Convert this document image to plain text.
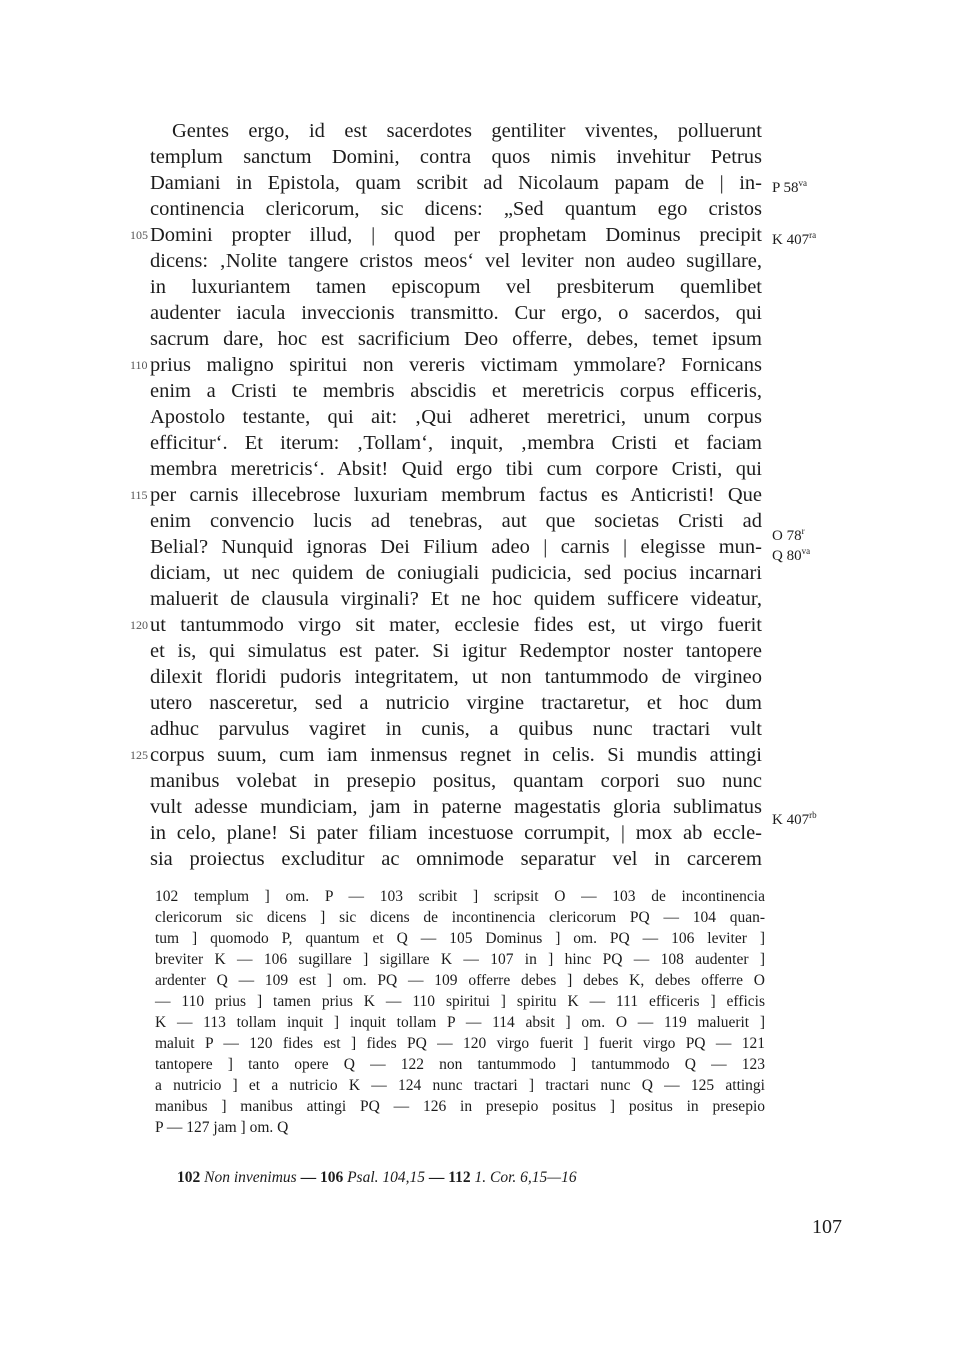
Gentes ergo, id est sacerdotes gentiliter viventes, polluerunt
templum sanctum Domini, contra quos nimis invehitur Petrus
Damiani in Epistola, quam scribit ad Nicolaum papam de | in-
continencia clericorum, sic dicens: „Sed quantum ego cristos
Domini propter illud, | quod per prophetam Dominus precipit
dicens: ‚Nolite tangere cristos meos‘ vel leviter non audeo sugillare,
in luxuriantem tamen episcopum vel presbiterum quemlibet
audenter iacula inveccionis transmitto. Cur ergo, o sacerdos, qui
sacrum dare, hoc est sacrificium Deo offerre, debes, temet ipsum
prius maligno spiritui non vereris victimam ymmolare? Fornicans
enim a Cristi te membris abscidis et meretricis corpus efficeris,
Apostolo testante, qui ait: ‚Qui adheret meretrici, unum corpus
efficitur‘. Et iterum: ‚Tollam‘, inquit, ‚membra Cristi et faciam
membra meretricis‘. Absit! Quid ergo tibi cum corpore Cristi, qui
per carnis illecebrose luxuriam membrum factus es Anticristi! Que
enim convencio lucis ad tenebras, aut que societas Cristi ad
Belial? Nunquid ignoras Dei Filium adeo | carnis | elegisse mun-
diciam, ut nec quidem de coniugiali pudicicia, sed pocius incarnari
maluerit de clausula virginali? Et ne hoc quidem sufficere videatur,
ut tantummodo virgo sit mater, ecclesie fides est, ut virgo fuerit
et is, qui simulatus est pater. Si igitur Redemptor noster tantopere
dilexit floridi pudoris integritatem, ut non tantummodo de virgineo
utero nasceretur, sed a nutricio virgine tractaretur, et hoc dum
adhuc parvulus vagiret in cunis, a quibus nunc tractari vult
corpus suum, cum iam inmensus regnet in celis. Si mundis attingi
manibus volebat in presepio positus, quantam corpori suo nunc
vult adesse mundiciam, jam in paterne magestatis gloria sublimatus
in celo, plane! Si pater filiam incestuose corrumpit, | mox ab eccle-
sia proiectus excluditur ac omnimode separatur vel in carcerem
105
110
115
120
125
P $58^{va}$
K $407^{ra}$
O 78$^r$
Q $80^{va}$
K $407^{rb}$
102 templum ] om. P — 103 scribit ] scripsit O — 103 de incontinencia
clericorum sic dicens ] sic dicens de incontinencia clericorum PQ — 104 quan-
tum ] quomodo P, quantum et Q — 105 Dominus ] om. PQ — 106 leviter ]
breviter K — 106 sugillare ] sigillare K — 107 in ] hinc PQ — 108 audenter ]
ardenter Q — 109 est ] om. PQ — 109 offerre debes ] debes K, debes offerre O
— 110 prius ] tamen prius K — 110 spiritui ] spiritu K — 111 efficeris ] efficis
K — 113 tollam inquit ] inquit tollam P — 114 absit ] om. O — 119 maluerit ]
maluit P — 120 fides est ] fides PQ — 120 virgo fuerit ] fuerit virgo PQ — 121
tantopere ] tanto opere Q — 122 non tantummodo ] tantummodo Q — 123
a nutricio ] et a nutricio K — 124 nunc tractari ] tractari nunc Q — 125 attingi
manibus ] manibus attingi PQ — 126 in presepio positus ] positus in presepio
P — 127 jam ] om. Q
102 Non invenimus — 106 Psal. 104,15 — 112 1. Cor. 6,15—16
107
